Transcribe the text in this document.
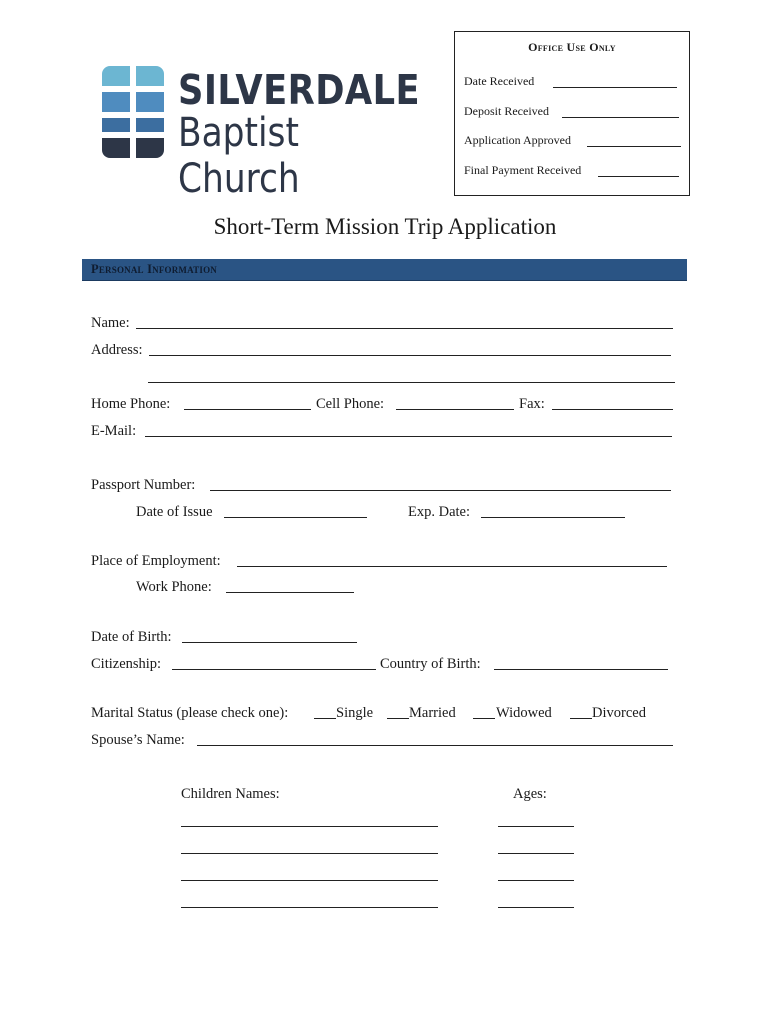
SILVERDALE
Baptist Church
Office Use Only
Date Received
Deposit Received
Application Approved
Final Payment Received
Short-Term Mission Trip Application
Personal Information
Name:
Address:
Home Phone:	Cell Phone:	Fax:
E-Mail:
Passport Number:
Date of Issue	Exp. Date:
Place of Employment:
Work Phone:
Date of Birth:
Citizenship:	Country of Birth:
Marital Status (please check one):	Single Married	Widowed	Divorced
Spouse’s Name:
Children Names:	Ages:
